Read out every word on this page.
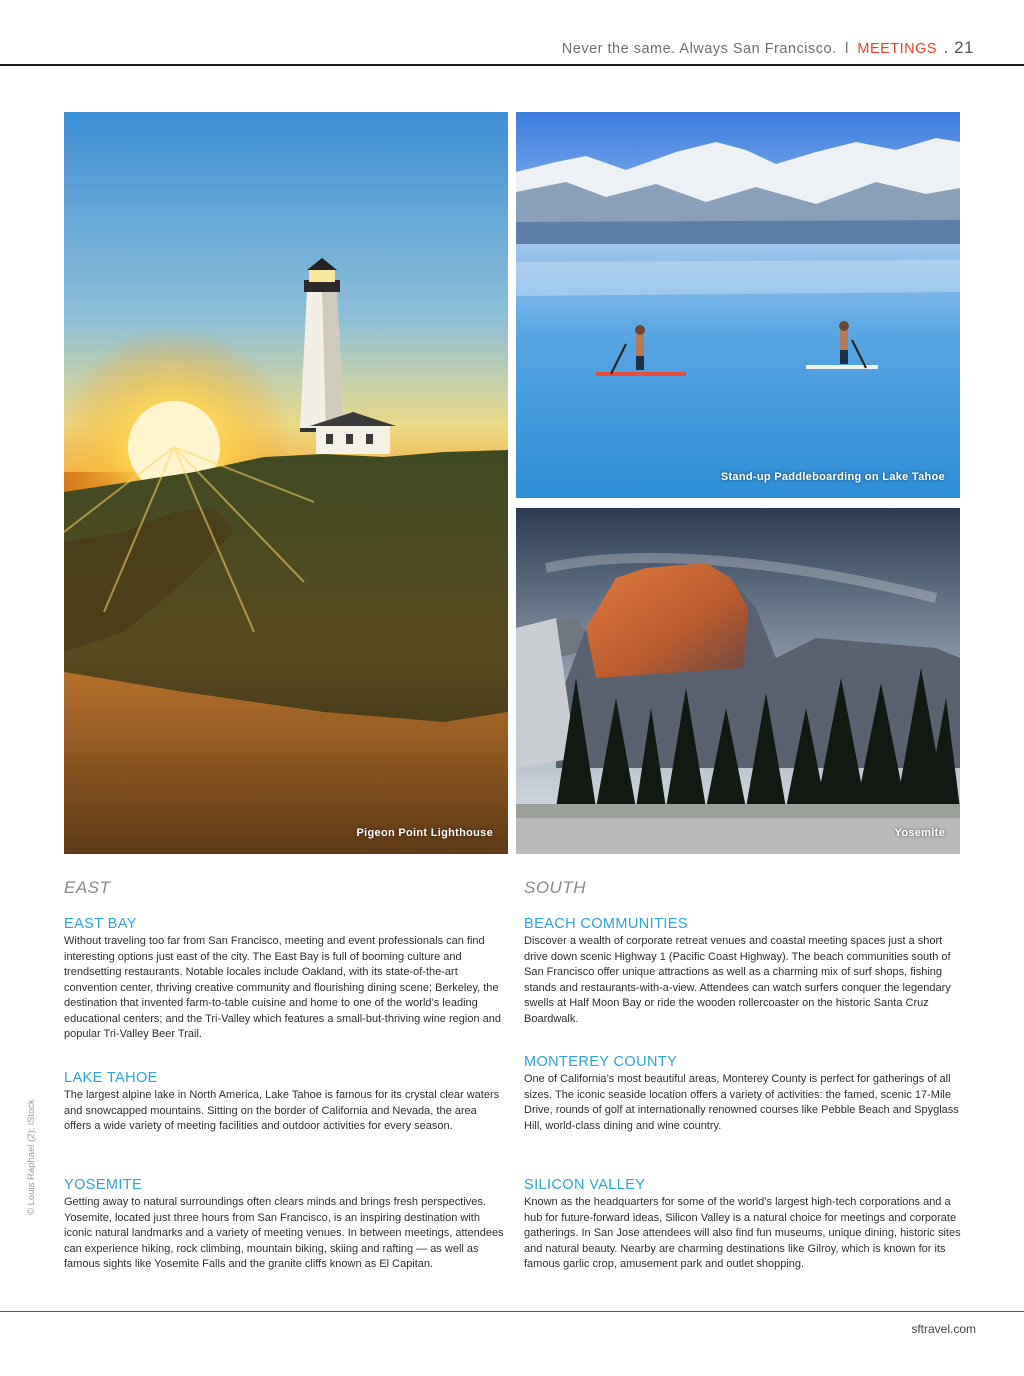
Never the same. Always San Francisco. l MEETINGS . 21
Pigeon Point Lighthouse
Stand-up Paddleboarding on Lake Tahoe
Yosemite
EAST	SOUTH
EAST BAY

Without traveling too far from San Francisco, meeting and event professionals can find interesting options just east of the city. The East Bay is full of booming culture and trendsetting restaurants. Notable locales include Oakland, with its state-of-the-art convention center, thriving creative community and flourishing dining scene; Berkeley, the destination that invented farm-to-table cuisine and home to one of the world’s leading educational centers; and the Tri-Valley which features a small-but-thriving wine region and popular Tri-Valley Beer Trail.

LAKE TAHOE

The largest alpine lake in North America, Lake Tahoe is famous for its crystal clear waters and snowcapped mountains. Sitting on the border of California and Nevada, the area offers a wide variety of meeting facilities and outdoor activities for every season.

YOSEMITE

Getting away to natural surroundings often clears minds and brings fresh perspectives. Yosemite, located just three hours from San Francisco, is an inspiring destination with iconic natural landmarks and a variety of meeting venues. In between meetings, attendees can experience hiking, rock climbing, mountain biking, skiing and rafting — as well as famous sights like Yosemite Falls and the granite cliffs known as El Capitan.

BEACH COMMUNITIES

Discover a wealth of corporate retreat venues and coastal meeting spaces just a short drive down scenic Highway 1 (Pacific Coast Highway). The beach communities south of San Francisco offer unique attractions as well as a charming mix of surf shops, fishing stands and restaurants-with-a-view. Attendees can watch surfers conquer the legendary swells at Half Moon Bay or ride the wooden rollercoaster on the historic Santa Cruz Boardwalk.

MONTEREY COUNTY

One of California’s most beautiful areas, Monterey County is perfect for gatherings of all sizes. The iconic seaside location offers a variety of activities: the famed, scenic 17-Mile Drive, rounds of golf at internationally renowned courses like Pebble Beach and Spyglass Hill, world-class dining and wine country.

SILICON VALLEY

Known as the headquarters for some of the world’s largest high-tech corporations and a hub for future-forward ideas, Silicon Valley is a natural choice for meetings and corporate gatherings. In San Jose attendees will also find fun museums, unique dining, historic sites and natural beauty. Nearby are charming destinations like Gilroy, which is known for its famous garlic crop, amusement park and outlet shopping.

© Louis Raphael (2); iStock
sftravel.com
